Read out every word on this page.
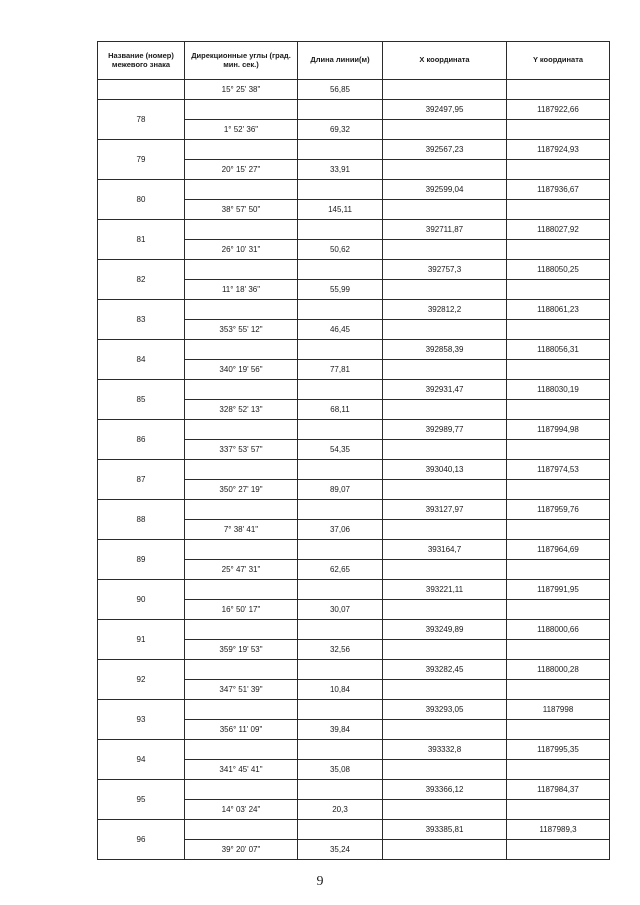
Название (номер) межевого знака	Дирекционные углы (град. мин. сек.)	Длина линии(м)	X координата	Y координата
	15° 25' 38"	56,85		
78			392497,95	1187922,66
	1° 52' 36"	69,32		
79			392567,23	1187924,93
	20° 15' 27"	33,91		
80			392599,04	1187936,67
	38° 57' 50"	145,11		
81			392711,87	1188027,92
	26° 10' 31"	50,62		
82			392757,3	1188050,25
	11° 18' 36"	55,99		
83			392812,2	1188061,23
	353° 55' 12"	46,45		
84			392858,39	1188056,31
	340° 19' 56"	77,81		
85			392931,47	1188030,19
	328° 52' 13"	68,11		
86			392989,77	1187994,98
	337° 53' 57"	54,35		
87			393040,13	1187974,53
	350° 27' 19"	89,07		
88			393127,97	1187959,76
	7° 38' 41"	37,06		
89			393164,7	1187964,69
	25° 47' 31"	62,65		
90			393221,11	1187991,95
	16° 50' 17"	30,07		
91			393249,89	1188000,66
	359° 19' 53"	32,56		
92			393282,45	1188000,28
	347° 51' 39"	10,84		
93			393293,05	1187998
	356° 11' 09"	39,84		
94			393332,8	1187995,35
	341° 45' 41"	35,08		
95			393366,12	1187984,37
	14° 03' 24"	20,3		
96			393385,81	1187989,3
	39° 20' 07"	35,24		
9
